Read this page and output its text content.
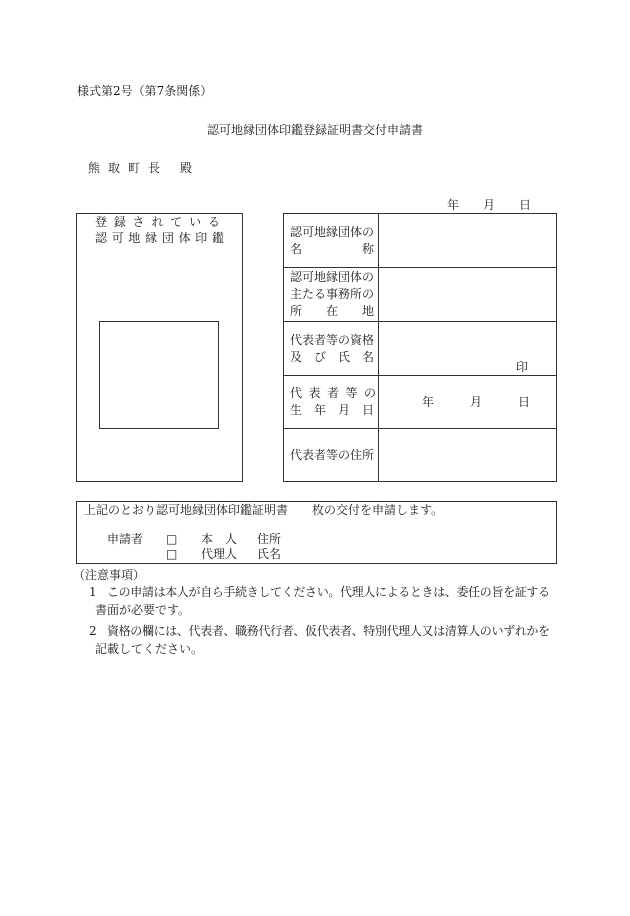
様式第2号（第7条関係）
認可地縁団体印鑑登録証明書交付申請書
熊 取 町 長 殿
年　　月　　日
登 録 さ れ て い る
認 可 地 縁 団 体 印 鑑	認可地縁団体の
名　　　　　称
認可地縁団体の
主たる事務所の
所　　在　　地
代表者等の資格
及　び　氏　名
印
代 表 者 等 の
生　年　月　日
年　　　月　　　日
代表者等の住所
上記のとおり認可地縁団体印鑑証明書　　枚の交付を申請します。
申請者 □ 本　人 住所
□ 代理人 氏名
（注意事項）
1 この申請は本人が自ら手続きしてください。代理人によるときは、委任の旨を証する
書面が必要です。
2 資格の欄には、代表者、職務代行者、仮代表者、特別代理人又は清算人のいずれかを
記載してください。
